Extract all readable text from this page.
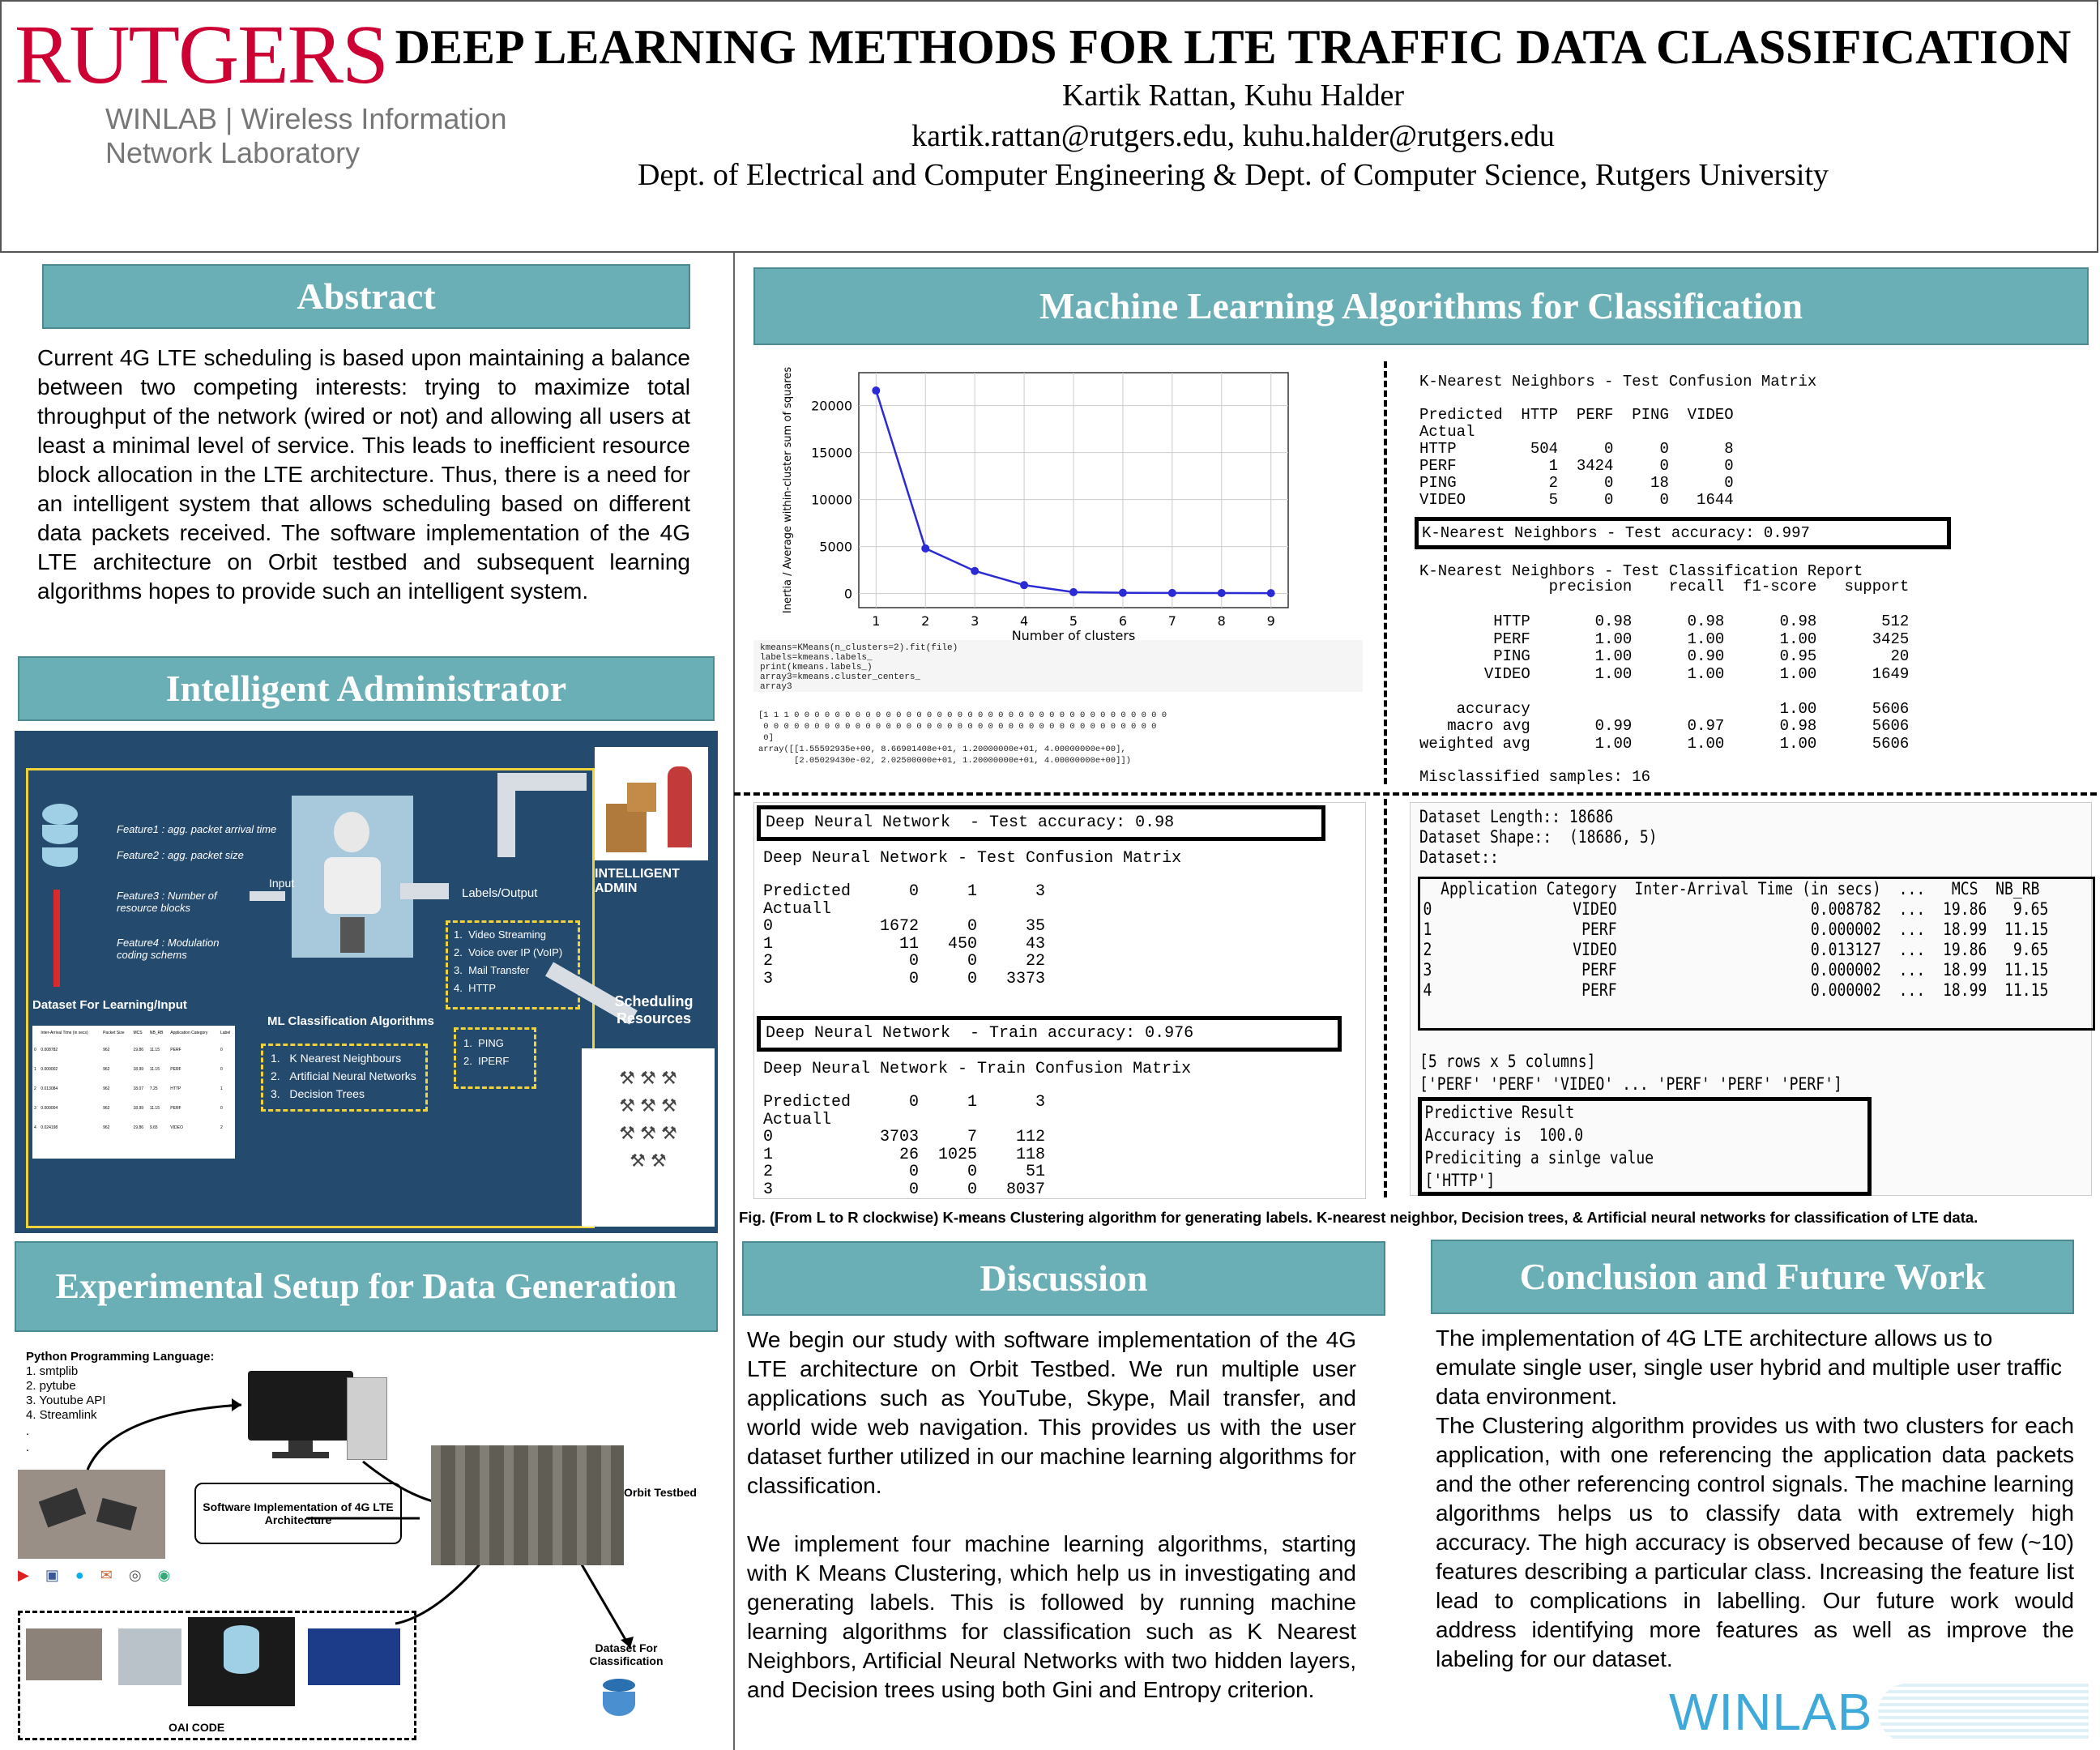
RUTGERS
WINLAB | Wireless Information
Network Laboratory
DEEP LEARNING METHODS FOR LTE TRAFFIC DATA CLASSIFICATION
Kartik Rattan, Kuhu Halder
kartik.rattan@rutgers.edu, kuhu.halder@rutgers.edu
Dept. of Electrical and Computer Engineering & Dept. of Computer Science, Rutgers University
Abstract
Current 4G LTE scheduling is based upon maintaining a balance between two competing interests: trying to maximize total throughput of the network (wired or not) and allowing all users at least a minimal level of service. This leads to inefficient resource block allocation in the LTE architecture. Thus, there is a need for an intelligent system that allows scheduling based on different data packets received. The software implementation of the 4G LTE architecture on Orbit testbed and subsequent learning algorithms hopes to provide such an intelligent system.
Intelligent Administrator
Feature1 : agg. packet arrival time
Feature2 : agg. packet size
Feature3 : Number of resource blocks
Feature4 : Modulation coding schems
Dataset For Learning/Input
	Inter-Arrival Time (in secs)	Packet Size	MCS	NB_RB	Application Category	Label
0	0.008782	962	19.86	11.15	PERF	0
1	0.000002	962	18.99	11.15	PERF	0
2	0.013084	962	18.07	7.25	HTTP	1
3	0.000004	962	18.99	11.15	PERF	0
4	0.024198	962	19.86	9.65	VIDEO	2
Input
ML Classification Algorithms
1.   K Nearest Neighbours
2.   Artificial Neural Networks
3.   Decision Trees
Labels/Output
1.  Video Streaming
2.  Voice over IP (VoIP)
3.  Mail Transfer
4.  HTTP
1.  PING
2.  IPERF
INTELLIGENT ADMIN
Scheduling Resources
⚒ ⚒ ⚒
⚒ ⚒ ⚒
⚒ ⚒ ⚒
⚒ ⚒
Experimental Setup for Data Generation
Python Programming Language:
1. smtplib
2. pytube
3. Youtube API
4. Streamlink
.
.
▶ ▣ ● ✉ ◎ ◉
Software Implementation of 4G LTE Architecture
Orbit Testbed
OAI CODE
Dataset For Classification
Machine Learning Algorithms for Classification
0
5000
10000
15000
20000
1	2	3	4	5	6	7	8	9
Number of clusters
Inertia / Average within-cluster sum of squares
kmeans=KMeans(n_clusters=2).fit(file)
labels=kmeans.labels_
print(kmeans.labels_)
array3=kmeans.cluster_centers_
array3
[1 1 1 0 0 0 0 0 0 0 0 0 0 0 0 0 0 0 0 0 0 0 0 0 0 0 0 0 0 0 0 0 0 0 0 0 0 0 0 0
0 0 0 0 0 0 0 0 0 0 0 0 0 0 0 0 0 0 0 0 0 0 0 0 0 0 0 0 0 0 0 0 0 0 0 0 0 0 0
0]
array([[1.55592935e+00, 8.66901408e+01, 1.20000000e+01, 4.00000000e+00],
[2.05029430e-02, 2.02500000e+01, 1.20000000e+01, 4.00000000e+00]])
K-Nearest Neighbors - Test Confusion Matrix
Predicted  HTTP  PERF  PING  VIDEO
Actual
HTTP        504     0     0      8
PERF          1  3424     0      0
PING          2     0    18      0
VIDEO         5     0     0   1644
K-Nearest Neighbors - Test accuracy: 0.997
K-Nearest Neighbors - Test Classification Report
precision    recall  f1-score   support

HTTP       0.98      0.98      0.98       512
PERF       1.00      1.00      1.00      3425
PING       1.00      0.90      0.95        20
VIDEO       1.00      1.00      1.00      1649

accuracy                           1.00      5606
macro avg       0.99      0.97      0.98      5606
weighted avg       1.00      1.00      1.00      5606
Misclassified samples: 16
Deep Neural Network  - Test accuracy: 0.98
Deep Neural Network - Test Confusion Matrix
Predicted      0     1      3
Actuall
0           1672     0     35
1             11   450     43
2              0     0     22
3              0     0   3373
Deep Neural Network  - Train accuracy: 0.976
Deep Neural Network - Train Confusion Matrix
Predicted      0     1      3
Actuall
0           3703     7    112
1             26  1025    118
2              0     0     51
3              0     0   8037
Dataset Length:: 18686
Dataset Shape::  (18686, 5)
Dataset::
Application Category  Inter-Arrival Time (in secs)  ...   MCS  NB_RB
0                VIDEO                      0.008782  ...  19.86   9.65
1                 PERF                      0.000002  ...  18.99  11.15
2                VIDEO                      0.013127  ...  19.86   9.65
3                 PERF                      0.000002  ...  18.99  11.15
4                 PERF                      0.000002  ...  18.99  11.15
[5 rows x 5 columns]
['PERF' 'PERF' 'VIDEO' ... 'PERF' 'PERF' 'PERF']
Predictive Result
Accuracy is  100.0
Prediciting a sinlge value
['HTTP']
Fig. (From L to R clockwise) K-means Clustering algorithm for generating labels. K-nearest neighbor, Decision trees, & Artificial neural networks for classification of LTE data.
Discussion
We begin our study with software implementation of the 4G LTE architecture on Orbit Testbed. We run multiple user applications such as YouTube, Skype, Mail transfer, and world wide web navigation. This provides us with the user dataset further utilized in our machine learning algorithms for classification.
We implement four machine learning algorithms, starting with K Means Clustering, which help us in investigating and generating labels. This is followed by running machine learning algorithms for classification such as K Nearest Neighbors, Artificial Neural Networks with two hidden layers, and Decision trees using both Gini and Entropy criterion.
Conclusion and Future Work
The implementation of 4G LTE architecture allows us to emulate single user, single user hybrid and multiple user traffic data environment.
The Clustering algorithm provides us with two clusters for each application, with one referencing the application data packets and the other referencing control signals. The machine learning algorithms helps us to classify data with extremely high accuracy. The high accuracy is observed because of few (~10) features describing a particular class. Increasing the feature list lead to complications in labelling. Our future work would address identifying more features as well as improve the labeling for our dataset.
WINLAB
